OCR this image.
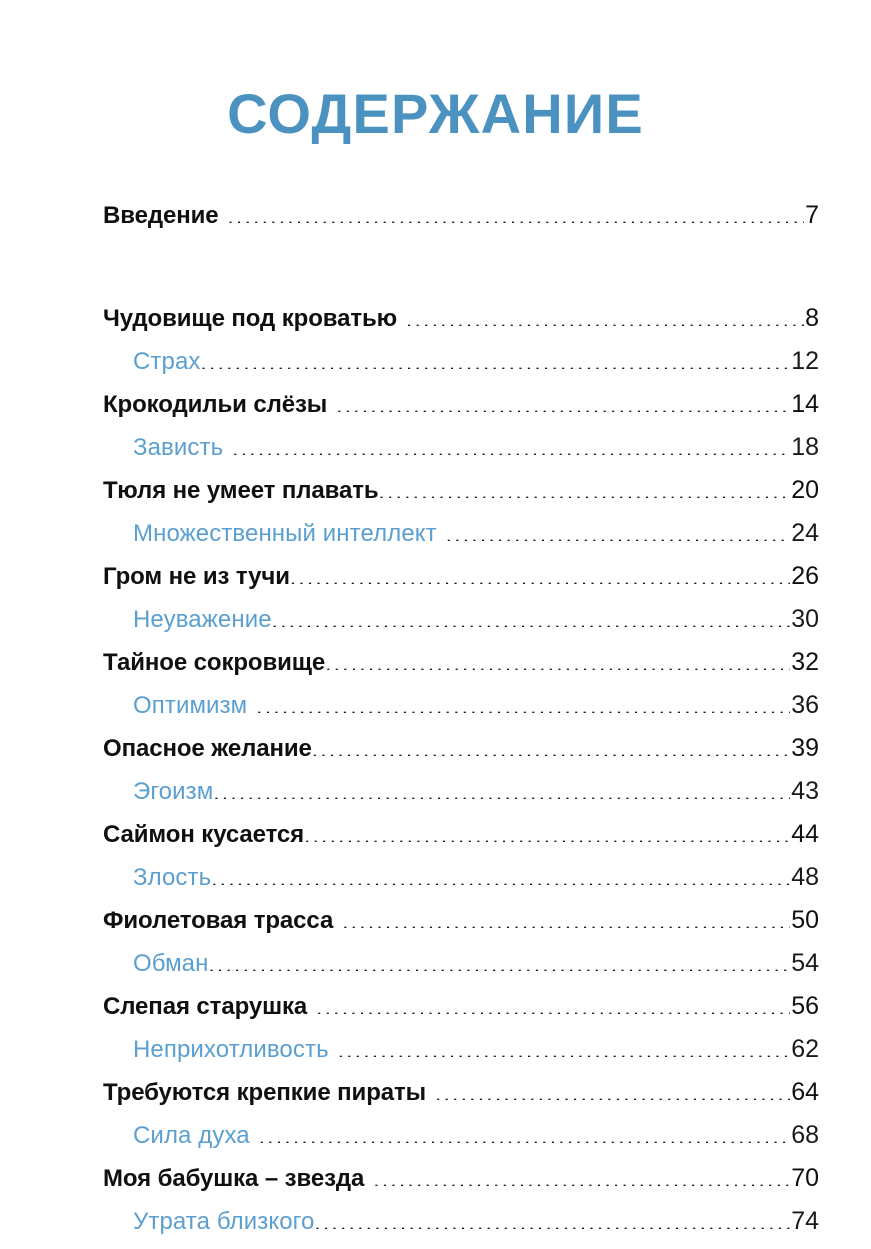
СОДЕРЖАНИЕ
Введение .....	7
Чудовище под кроватью .....	8
Страх .....	12
Крокодильи слёзы .....	14
Зависть .....	18
Тюля не умеет плавать .....	20
Множественный интеллект .....	24
Гром не из тучи .....	26
Неуважение .....	30
Тайное сокровище .....	32
Оптимизм .....	36
Опасное желание .....	39
Эгоизм .....	43
Саймон кусается .....	44
Злость .....	48
Фиолетовая трасса .....	50
Обман .....	54
Слепая старушка .....	56
Неприхотливость .....	62
Требуются крепкие пираты .....	64
Сила духа .....	68
Моя бабушка – звезда .....	70
Утрата близкого .....	74
